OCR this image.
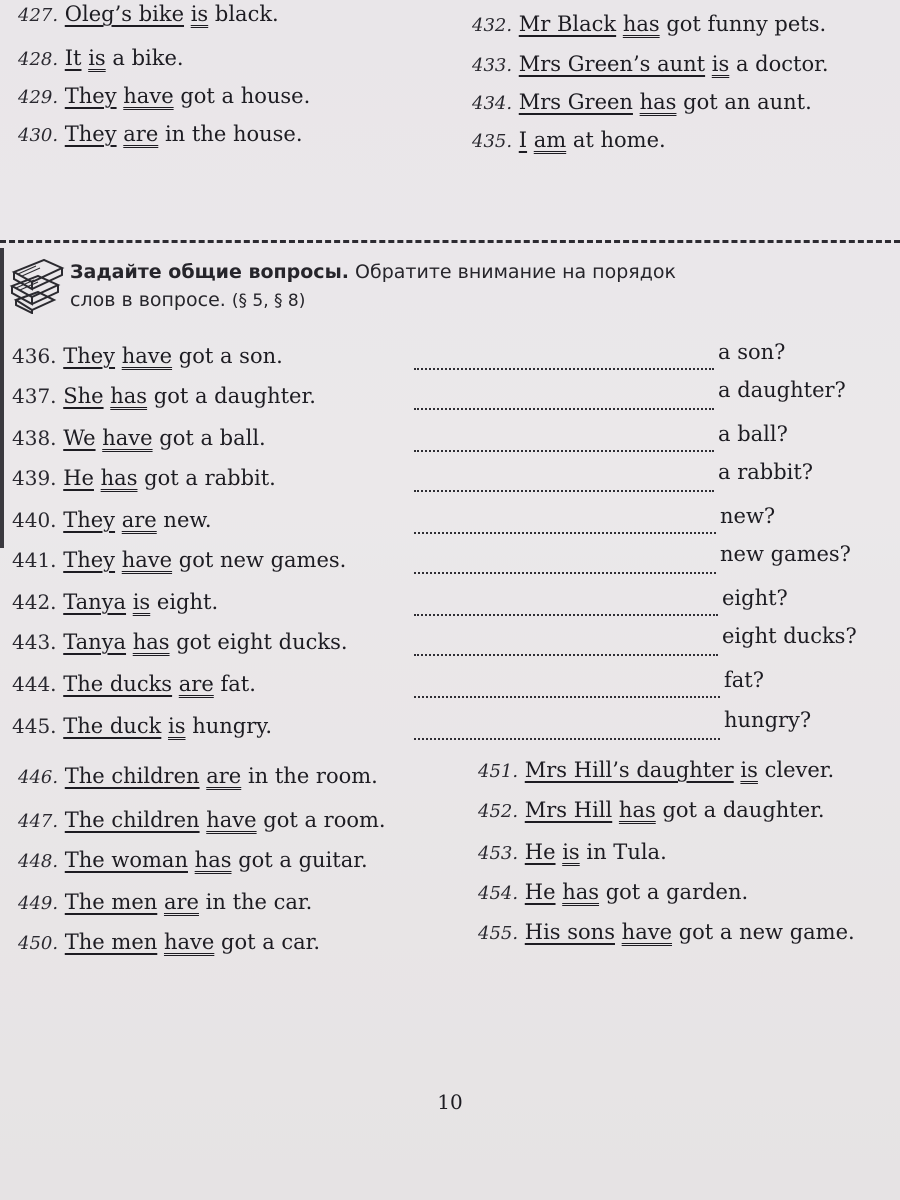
427. Oleg’s bike is black.
428. It is a bike.
429. They have got a house.
430. They are in the house.
432. Mr Black has got funny pets.
433. Mrs Green’s aunt is a doctor.
434. Mrs Green has got an aunt.
435. I am at home.
Задайте общие вопросы. Обратите внимание на порядок
слов в вопросе. (§ 5, § 8)
436. They have got a son.	a son?
437. She has got a daughter.	a daughter?
438. We have got a ball.	a ball?
439. He has got a rabbit.	a rabbit?
440. They are new.	new?
441. They have got new games.	new games?
442. Tanya is eight.	eight?
443. Tanya has got eight ducks.	eight ducks?
444. The ducks are fat.	fat?
445. The duck is hungry.	hungry?
446. The children are in the room.
447. The children have got a room.
448. The woman has got a guitar.
449. The men are in the car.
450. The men have got a car.
451. Mrs Hill’s daughter is clever.
452. Mrs Hill has got a daughter.
453. He is in Tula.
454. He has got a garden.
455. His sons have got a new game.
10
